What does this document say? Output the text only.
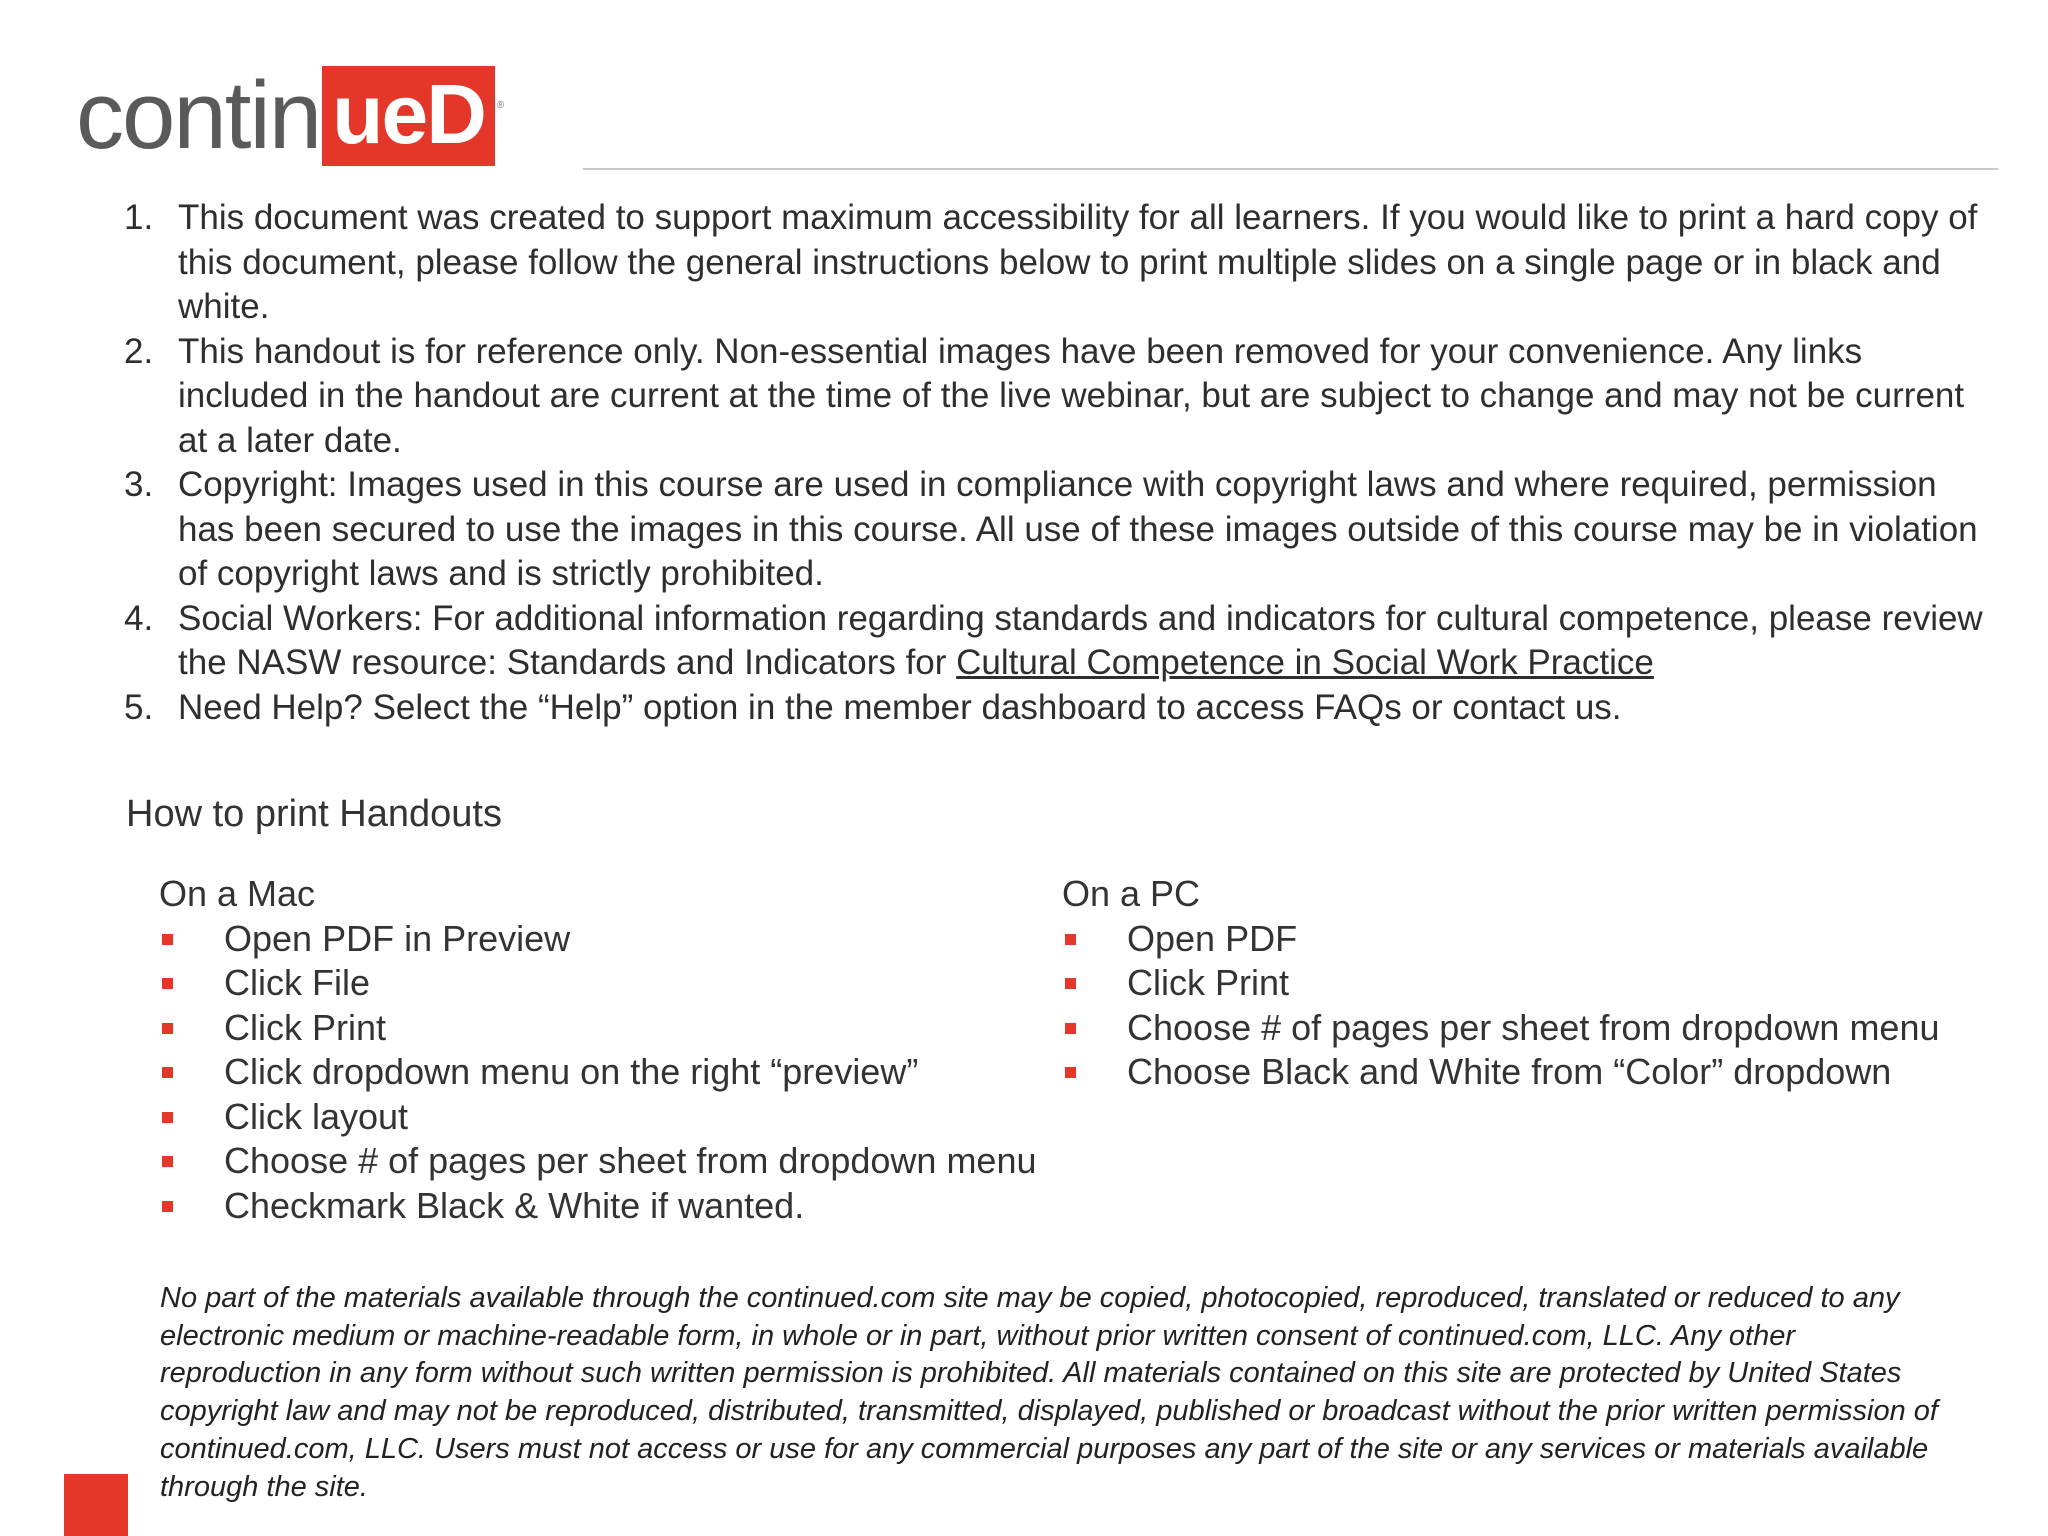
contin ueD	®
1. This document was created to support maximum accessibility for all learners. If you would like to print a hard copy of this document, please follow the general instructions below to print multiple slides on a single page or in black and white.
2. This handout is for reference only. Non-essential images have been removed for your convenience. Any links included in the handout are current at the time of the live webinar, but are subject to change and may not be current at a later date.
3. Copyright: Images used in this course are used in compliance with copyright laws and where required, permission has been secured to use the images in this course. All use of these images outside of this course may be in violation of copyright laws and is strictly prohibited.
4. Social Workers: For additional information regarding standards and indicators for cultural competence, please review the NASW resource: Standards and Indicators for Cultural Competence in Social Work Practice
5. Need Help? Select the “Help” option in the member dashboard to access FAQs or contact us.
How to print Handouts
On a Mac
Open PDF in Preview
Click File
Click Print
Click dropdown menu on the right “preview”
Click layout
Choose # of pages per sheet from dropdown menu
Checkmark Black & White if wanted.
On a PC
Open PDF
Click Print
Choose # of pages per sheet from dropdown menu
Choose Black and White from “Color” dropdown

No part of the materials available through the continued.com site may be copied, photocopied, reproduced, translated or reduced to any electronic medium or machine-readable form, in whole or in part, without prior written consent of continued.com, LLC. Any other reproduction in any form without such written permission is prohibited. All materials contained on this site are protected by United States copyright law and may not be reproduced, distributed, transmitted, displayed, published or broadcast without the prior written permission of continued.com, LLC. Users must not access or use for any commercial purposes any part of the site or any services or materials available through the site.
